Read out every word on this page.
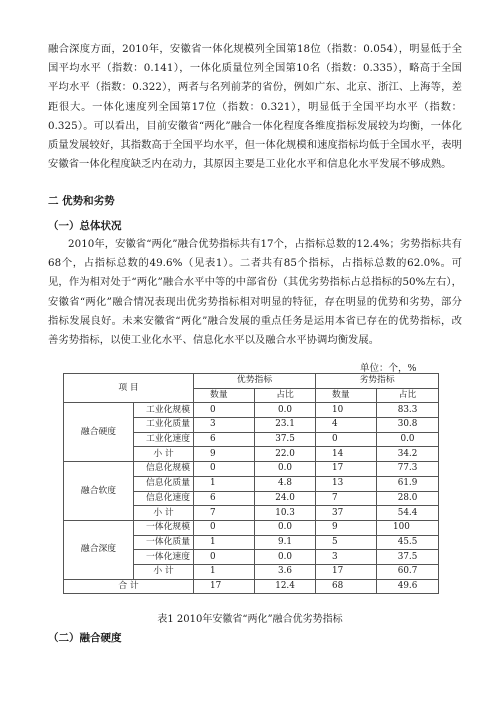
融合深度方面，2010年，安徽省一体化规模列全国第18位（指数：0.054），明显低于全国平均水平（指数：0.141），一体化质量位列全国第10名（指数：0.335），略高于全国平均水平（指数：0.322），两者与名列前茅的省份，例如广东、北京、浙江、上海等，差距很大。一体化速度列全国第17位（指数：0.321），明显低于全国平均水平（指数：0.325）。可以看出，目前安徽省“两化”融合一体化程度各维度指标发展较为均衡，一体化质量发展较好，其指数高于全国平均水平，但一体化规模和速度指标均低于全国水平，表明安徽省一体化程度缺乏内在动力，其原因主要是工业化水平和信息化水平发展不够成熟。

二 优势和劣势

（一）总体状况

2010年，安徽省“两化”融合优势指标共有17个，占指标总数的12.4%；劣势指标共有68个，占指标总数的49.6%（见表1）。二者共有85个指标，占指标总数的62.0%。可见，作为相对处于“两化”融合水平中等的中部省份（其优劣势指标占总指标的50%左右），安徽省“两化”融合情况表现出优劣势指标相对明显的特征，存在明显的优势和劣势，部分指标发展良好。未来安徽省“两化”融合发展的重点任务是运用本省已存在的优势指标，改善劣势指标，以使工业化水平、信息化水平以及融合水平协调均衡发展。

单位：个，%
项 目		优势指标		劣势指标	
		数量	占比	数量	占比
融合硬度	工业化规模	0	0.0	10	83.3
	工业化质量	3	23.1	4	30.8
	工业化速度	6	37.5	0	0.0
	小 计	9	22.0	14	34.2
融合软度	信息化规模	0	0.0	17	77.3
	信息化质量	1	4.8	13	61.9
	信息化速度	6	24.0	7	28.0
	小 计	7	10.3	37	54.4
融合深度	一体化规模	0	0.0	9	100
	一体化质量	1	9.1	5	45.5
	一体化速度	0	0.0	3	37.5
	小 计	1	3.6	17	60.7
合 计		17	12.4	68	49.6
表1 2010年安徽省“两化”融合优劣势指标

（二）融合硬度
